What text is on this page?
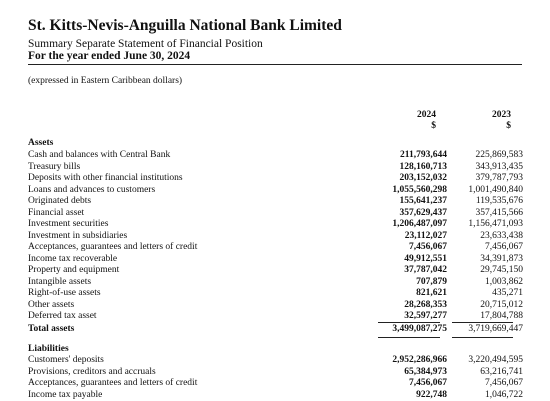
St. Kitts-Nevis-Anguilla National Bank Limited
Summary Separate Statement of Financial Position
For the year ended June 30, 2024
(expressed in Eastern Caribbean dollars)
2024
$
2023
$
Assets
Cash and balances with Central Bank	211,793,644	225,869,583
Treasury bills	128,160,713	343,913,435
Deposits with other financial institutions	203,152,032	379,787,793
Loans and advances to customers	1,055,560,298	1,001,490,840
Originated debts	155,641,237	119,535,676
Financial asset	357,629,437	357,415,566
Investment securities	1,206,487,097	1,156,471,093
Investment in subsidiaries	23,112,027	23,633,438
Acceptances, guarantees and letters of credit	7,456,067	7,456,067
Income tax recoverable	49,912,551	34,391,873
Property and equipment	37,787,042	29,745,150
Intangible assets	707,879	1,003,862
Right-of-use assets	821,621	435,271
Other assets	28,268,353	20,715,012
Deferred tax asset	32,597,277	17,804,788
Total assets	3,499,087,275	3,719,669,447
Liabilities
Customers' deposits	2,952,286,966	3,220,494,595
Provisions, creditors and accruals	65,384,973	63,216,741
Acceptances, guarantees and letters of credit	7,456,067	7,456,067
Income tax payable	922,748	1,046,722
